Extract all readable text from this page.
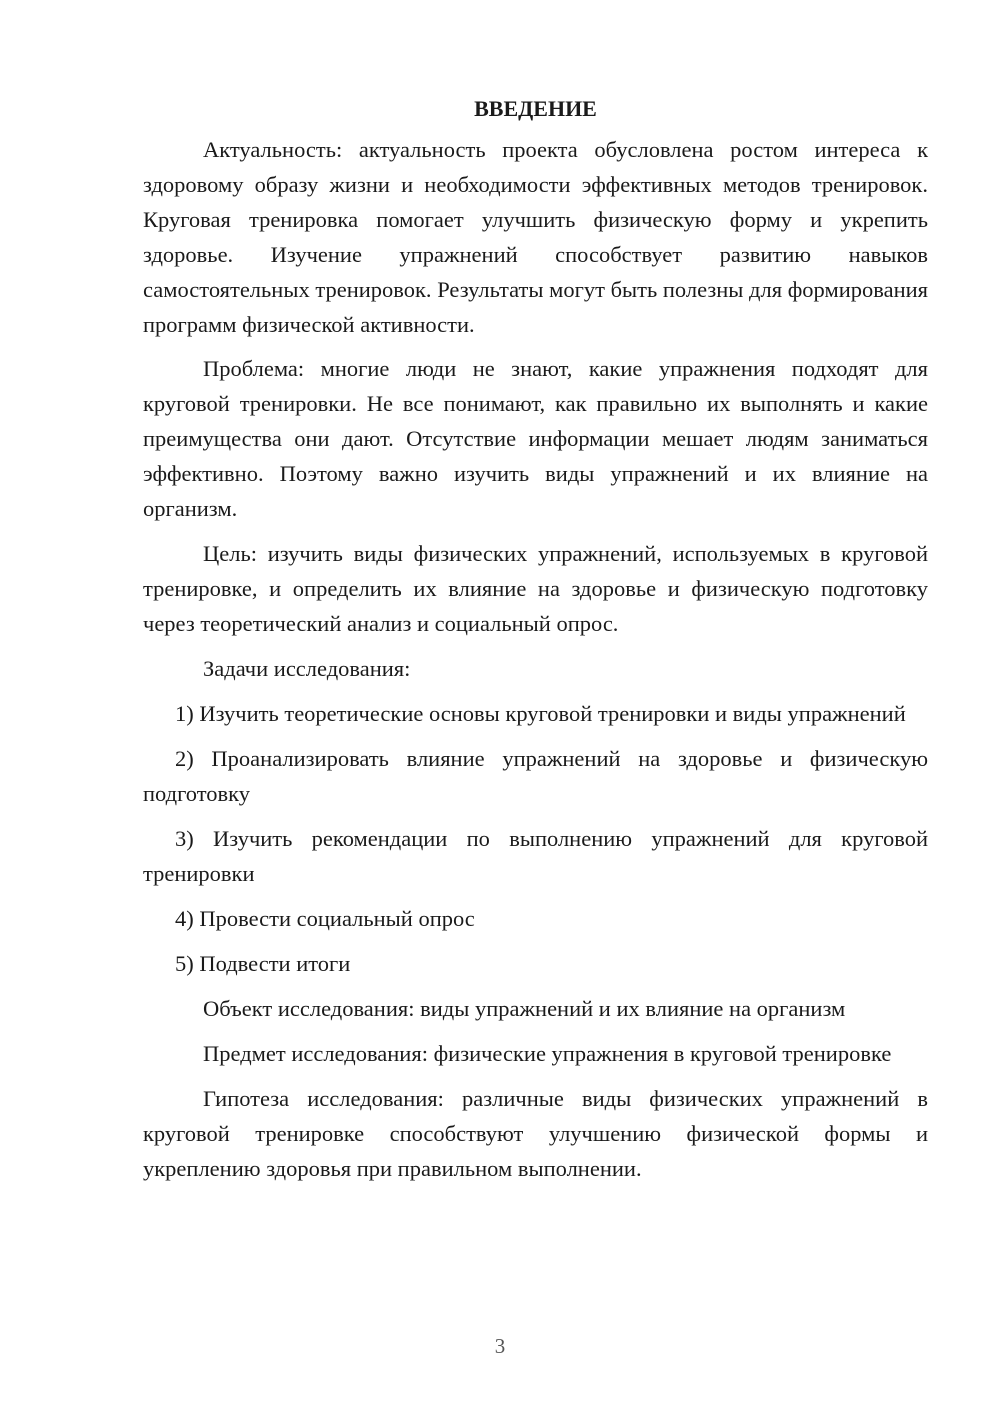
ВВЕДЕНИЕ

Актуальность: актуальность проекта обусловлена ростом интереса к здоровому образу жизни и необходимости эффективных методов тренировок. Круговая тренировка помогает улучшить физическую форму и укрепить здоровье. Изучение упражнений способствует развитию навыков самостоятельных тренировок. Результаты могут быть полезны для формирования программ физической активности.

Проблема: многие люди не знают, какие упражнения подходят для круговой тренировки. Не все понимают, как правильно их выполнять и какие преимущества они дают. Отсутствие информации мешает людям заниматься эффективно. Поэтому важно изучить виды упражнений и их влияние на организм.

Цель: изучить виды физических упражнений, используемых в круговой тренировке, и определить их влияние на здоровье и физическую подготовку через теоретический анализ и социальный опрос.

Задачи исследования:

1) Изучить теоретические основы круговой тренировки и виды упражнений

2) Проанализировать влияние упражнений на здоровье и физическую подготовку

3) Изучить рекомендации по выполнению упражнений для круговой тренировки

4) Провести социальный опрос

5) Подвести итоги

Объект исследования: виды упражнений и их влияние на организм

Предмет исследования: физические упражнения в круговой тренировке

Гипотеза исследования: различные виды физических упражнений в круговой тренировке способствуют улучшению физической формы и укреплению здоровья при правильном выполнении.

3
